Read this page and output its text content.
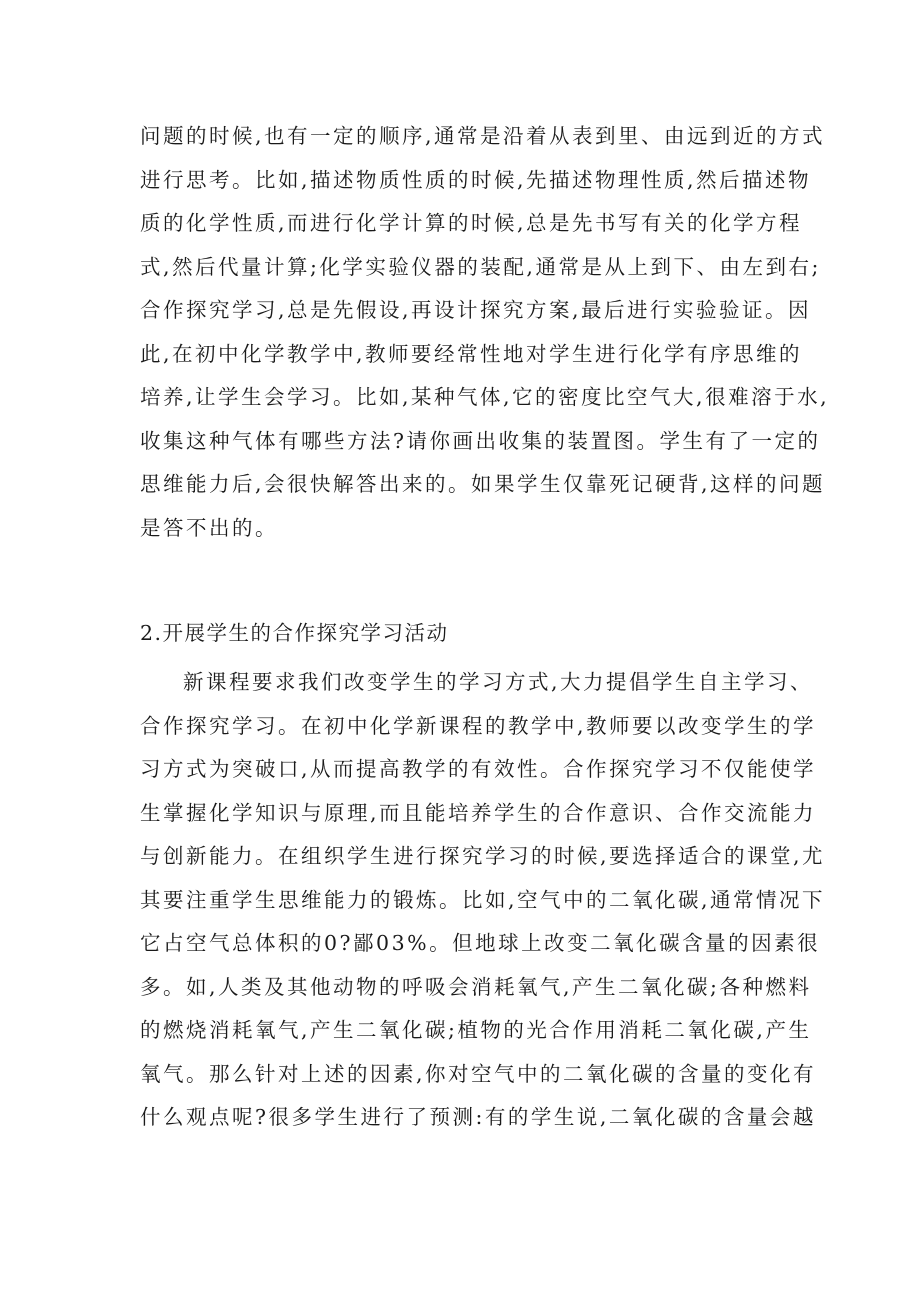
问题的时候,也有一定的顺序,通常是沿着从表到里、由远到近的方式
进行思考。比如,描述物质性质的时候,先描述物理性质,然后描述物
质的化学性质,而进行化学计算的时候,总是先书写有关的化学方程
式,然后代量计算;化学实验仪器的装配,通常是从上到下、由左到右;
合作探究学习,总是先假设,再设计探究方案,最后进行实验验证。因
此,在初中化学教学中,教师要经常性地对学生进行化学有序思维的
培养,让学生会学习。比如,某种气体,它的密度比空气大,很难溶于水,
收集这种气体有哪些方法?请你画出收集的装置图。学生有了一定的
思维能力后,会很快解答出来的。如果学生仅靠死记硬背,这样的问题
是答不出的。
2.开展学生的合作探究学习活动
新课程要求我们改变学生的学习方式,大力提倡学生自主学习、
合作探究学习。在初中化学新课程的教学中,教师要以改变学生的学
习方式为突破口,从而提高教学的有效性。合作探究学习不仅能使学
生掌握化学知识与原理,而且能培养学生的合作意识、合作交流能力
与创新能力。在组织学生进行探究学习的时候,要选择适合的课堂,尤
其要注重学生思维能力的锻炼。比如,空气中的二氧化碳,通常情况下
它占空气总体积的0?鄙03%。但地球上改变二氧化碳含量的因素很
多。如,人类及其他动物的呼吸会消耗氧气,产生二氧化碳;各种燃料
的燃烧消耗氧气,产生二氧化碳;植物的光合作用消耗二氧化碳,产生
氧气。那么针对上述的因素,你对空气中的二氧化碳的含量的变化有
什么观点呢?很多学生进行了预测:有的学生说,二氧化碳的含量会越
